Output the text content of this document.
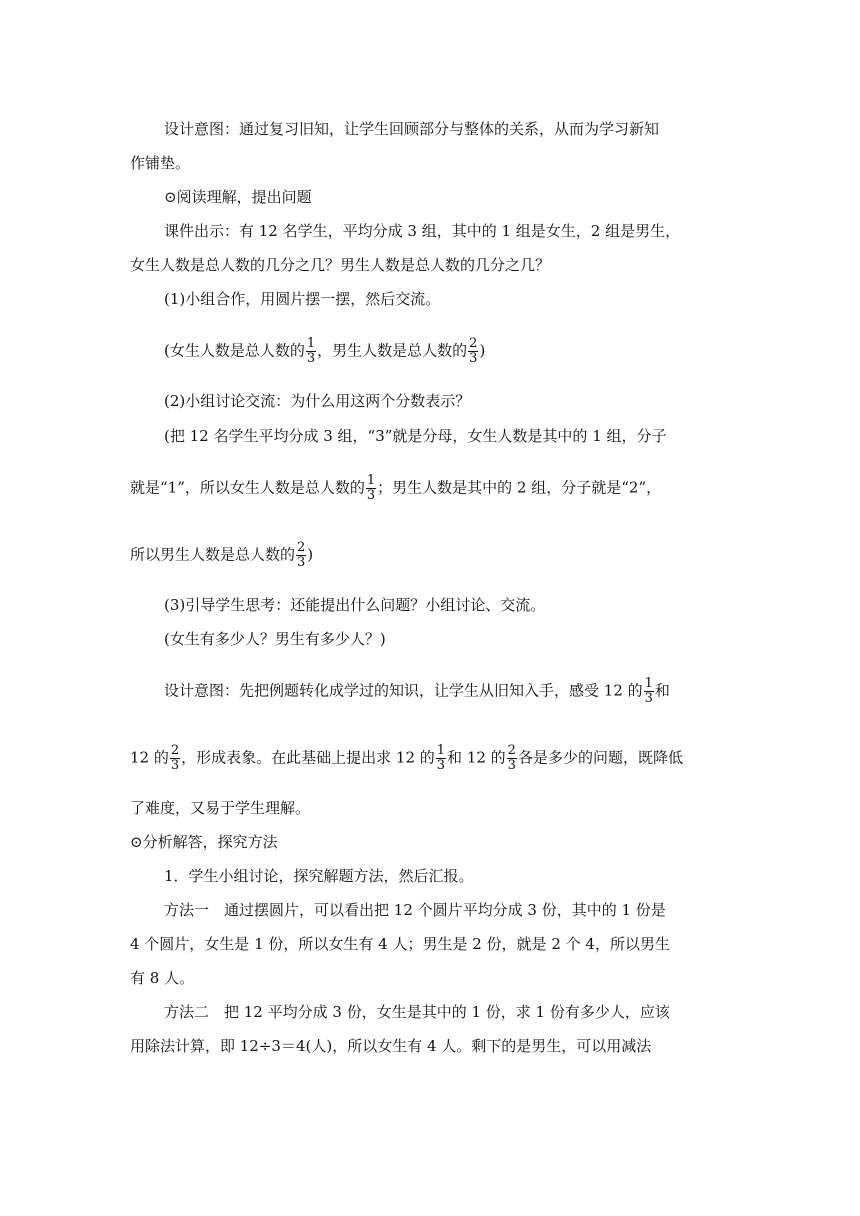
设计意图：通过复习旧知，让学生回顾部分与整体的关系，从而为学习新知
作铺垫。
⊙阅读理解，提出问题
课件出示：有 12 名学生，平均分成 3 组，其中的 1 组是女生，2 组是男生，
女生人数是总人数的几分之几？男生人数是总人数的几分之几？
(1)小组合作，用圆片摆一摆，然后交流。
(女生人数是总人数的 $\frac{1}{3}$ ，男生人数是总人数的 $\frac{2}{3}$ )
(2)小组讨论交流：为什么用这两个分数表示？
(把 12 名学生平均分成 3 组，“3”就是分母，女生人数是其中的 1 组，分子
就是“1”，所以女生人数是总人数的 $\frac{1}{3}$ ；男生人数是其中的 2 组，分子就是“2”，
所以男生人数是总人数的 $\frac{2}{3}$ )
(3)引导学生思考：还能提出什么问题？小组讨论、交流。
(女生有多少人？男生有多少人？)
设计意图：先把例题转化成学过的知识，让学生从旧知入手，感受 12 的 $\frac{1}{3}$ 和
12 的 $\frac{2}{3}$ ，形成表象。在此基础上提出求 12 的 $\frac{1}{3}$ 和 12 的 $\frac{2}{3}$ 各是多少的问题，既降低
了难度，又易于学生理解。
⊙分析解答，探究方法
1．学生小组讨论，探究解题方法，然后汇报。
方法一　通过摆圆片，可以看出把 12 个圆片平均分成 3 份，其中的 1 份是
4 个圆片，女生是 1 份，所以女生有 4 人；男生是 2 份，就是 2 个 4，所以男生
有 8 人。
方法二　把 12 平均分成 3 份，女生是其中的 1 份，求 1 份有多少人，应该
用除法计算，即 12÷3＝4(人)，所以女生有 4 人。剩下的是男生，可以用减法
